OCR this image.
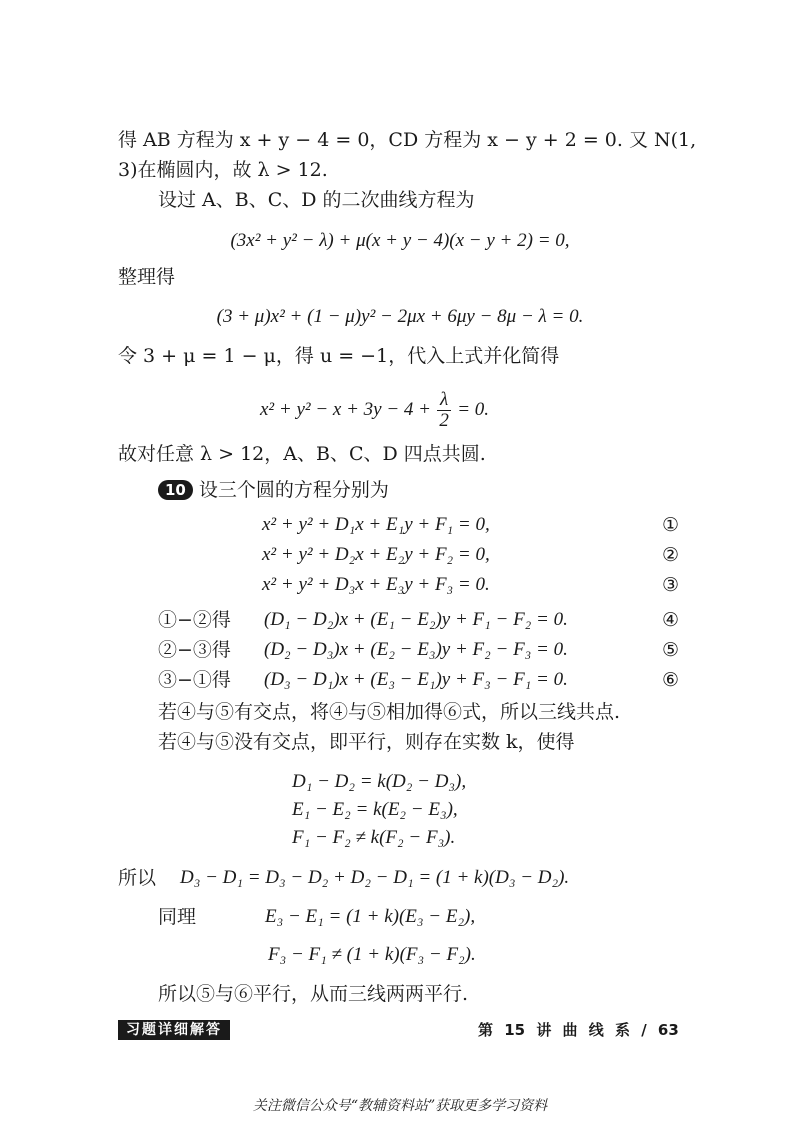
得 AB 方程为 x + y − 4 = 0，CD 方程为 x − y + 2 = 0. 又 N(1,
3)在椭圆内，故 λ > 12.
设过 A、B、C、D 的二次曲线方程为
(3x² + y² − λ) + μ(x + y − 4)(x − y + 2) = 0,
整理得
(3 + μ)x² + (1 − μ)y² − 2μx + 6μy − 8μ − λ = 0.
令 3 + μ = 1 − μ，得 u = −1，代入上式并化简得
$x^2 + y^2 - x + 3y - 4 + \frac{\lambda}{2} = 0$.
故对任意 λ > 12，A、B、C、D 四点共圆.
10 设三个圆的方程分别为
x² + y² + D₁x + E₁y + F₁ = 0,	①
x² + y² + D₂x + E₂y + F₂ = 0,	②
x² + y² + D₃x + E₃y + F₃ = 0.	③
①−②得 (D₁ − D₂)x + (E₁ − E₂)y + F₁ − F₂ = 0.	④
②−③得 (D₂ − D₃)x + (E₂ − E₃)y + F₂ − F₃ = 0.	⑤
③−①得 (D₃ − D₁)x + (E₃ − E₁)y + F₃ − F₁ = 0.	⑥
若④与⑤有交点，将④与⑤相加得⑥式，所以三线共点.
若④与⑤没有交点，即平行，则存在实数 k，使得
D₁ − D₂ = k(D₂ − D₃),
E₁ − E₂ = k(E₂ − E₃),
F₁ − F₂ ≠ k(F₂ − F₃).
所以 D₃ − D₁ = D₃ − D₂ + D₂ − D₁ = (1 + k)(D₃ − D₂).
同理	E₃ − E₁ = (1 + k)(E₃ − E₂),
F₃ − F₁ ≠ (1 + k)(F₃ − F₂).
所以⑤与⑥平行，从而三线两两平行.
习题详细解答	第 15 讲 曲 线 系 / 63
关注微信公众号“教辅资料站”获取更多学习资料
